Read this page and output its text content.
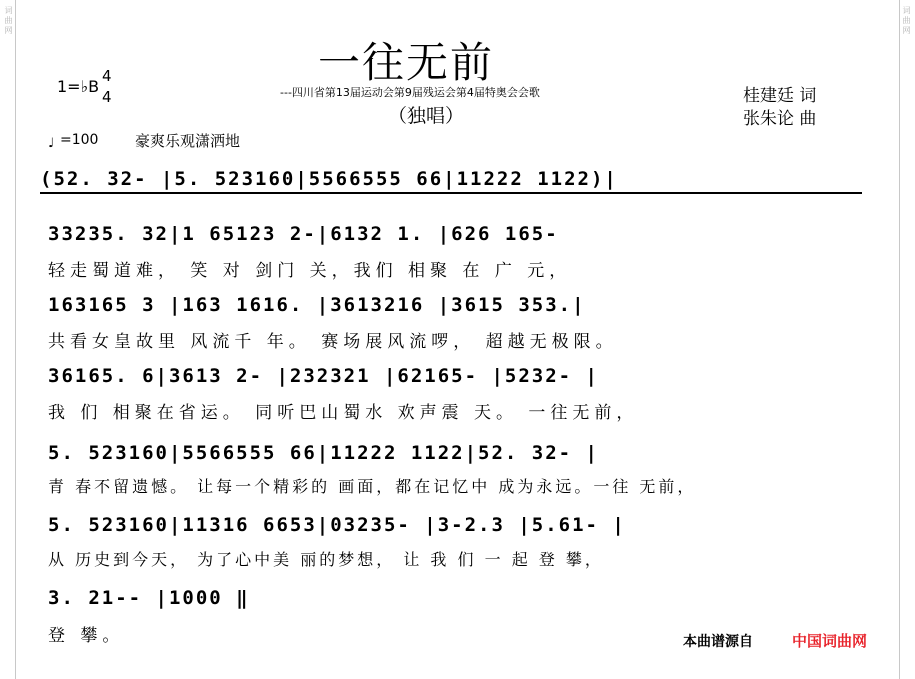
词曲网
词曲网
一往无前
---四川省第13届运动会第9届残运会第4届特奥会会歌
（独唱）
桂建廷 词
张朱论 曲
1=♭B
4
4
♩ =100 豪爽乐观潇洒地
(52. 32- |5. 523160|5566555 66|11222 1122)|
33235. 32|1 65123 2-|6132 1. |626 165-
轻走蜀道难， 笑 对 剑门 关，我们 相聚 在 广 元，
163165 3 |163 1616. |3613216 |3615 353.|
共看女皇故里 风流千 年。 赛场展风流啰， 超越无极限。
36165. 6|3613 2- |232321 |62165- |5232- |
我 们 相聚在省运。 同听巴山蜀水 欢声震 天。 一往无前，
5. 523160|5566555 66|11222 1122|52. 32- |
青 春不留遗憾。 让每一个精彩的 画面，都在记忆中 成为永远。一往 无前，
5. 523160|11316 6653|03235- |3-2.3 |5.61- |
从 历史到今天， 为了心中美 丽的梦想， 让 我 们 一 起 登 攀，
3. 21-- |1000 ‖
登 攀。	本曲谱源自	中国词曲网
